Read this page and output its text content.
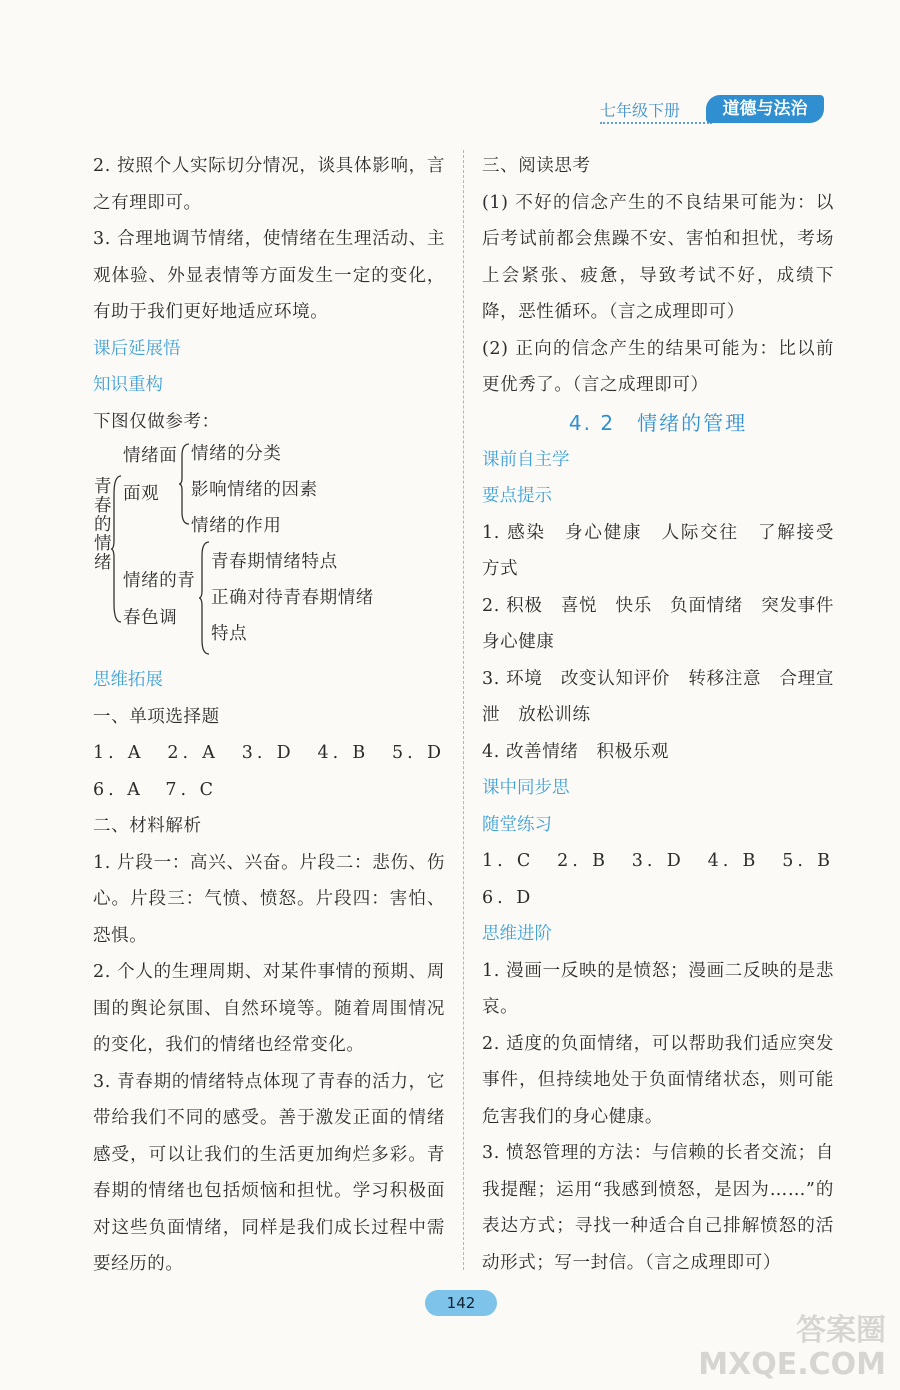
七年级下册	道德与法治

2. 按照个人实际切分情况，谈具体影响，言之有理即可。

3. 合理地调节情绪，使情绪在生理活动、主观体验、外显表情等方面发生一定的变化，有助于我们更好地适应环境。

课后延展悟

知识重构

下图仅做参考：

青
春
的
情
绪
情绪面
面观
情绪的分类
影响情绪的因素
情绪的作用
情绪的青
春色调
青春期情绪特点
正确对待青春期情绪
特点

思维拓展

一、单项选择题

1. A　2. A　3. D　4. B　5. D　6. A　7. C

二、材料解析

1. 片段一：高兴、兴奋。片段二：悲伤、伤心。片段三：气愤、愤怒。片段四：害怕、恐惧。

2. 个人的生理周期、对某件事情的预期、周围的舆论氛围、自然环境等。随着周围情况的变化，我们的情绪也经常变化。

3. 青春期的情绪特点体现了青春的活力，它带给我们不同的感受。善于激发正面的情绪感受，可以让我们的生活更加绚烂多彩。青春期的情绪也包括烦恼和担忧。学习积极面对这些负面情绪，同样是我们成长过程中需要经历的。

三、阅读思考

(1) 不好的信念产生的不良结果可能为：以后考试前都会焦躁不安、害怕和担忧，考场上会紧张、疲惫，导致考试不好，成绩下降，恶性循环。（言之成理即可）

(2) 正向的信念产生的结果可能为：比以前更优秀了。（言之成理即可）

4. 2　情绪的管理

课前自主学

要点提示

1. 感染　身心健康　人际交往　了解接受　方式

2. 积极　喜悦　快乐　负面情绪　突发事件　身心健康

3. 环境　改变认知评价　转移注意　合理宣泄　放松训练

4. 改善情绪　积极乐观

课中同步思

随堂练习

1. C　2. B　3. D　4. B　5. B　6. D

思维进阶

1. 漫画一反映的是愤怒；漫画二反映的是悲哀。

2. 适度的负面情绪，可以帮助我们适应突发事件，但持续地处于负面情绪状态，则可能危害我们的身心健康。

3. 愤怒管理的方法：与信赖的长者交流；自我提醒；运用“我感到愤怒，是因为……”的表达方式；寻找一种适合自己排解愤怒的活动形式；写一封信。（言之成理即可）

142
答案圈
MXQE.COM
